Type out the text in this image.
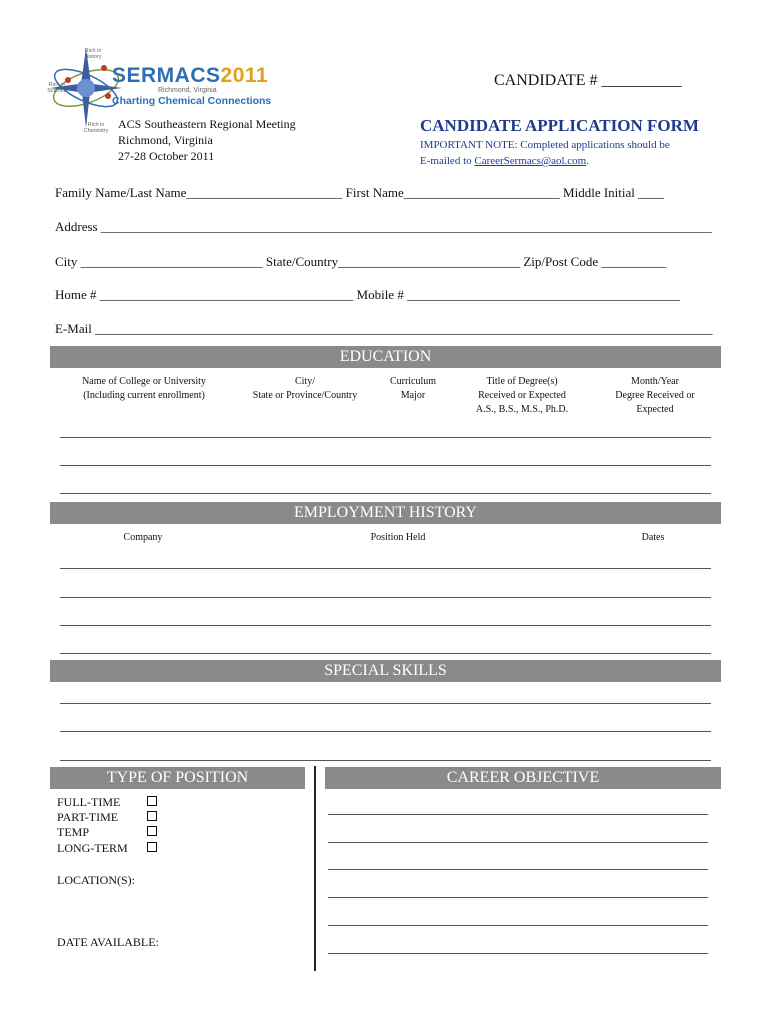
Rich in History
Rich in Science
Rich in Chemistry
SERMACS2011
Richmond, Virginia
Charting Chemical Connections
ACS Southeastern Regional Meeting
Richmond, Virginia
27-28 October 2011
CANDIDATE # __________
CANDIDATE APPLICATION FORM
IMPORTANT NOTE: Completed applications should be
E-mailed to CareerSermacs@aol.com.
Family Name/Last Name________________________ First Name________________________ Middle Initial ____
Address ______________________________________________________________________________________________
City ____________________________ State/Country____________________________ Zip/Post Code __________
Home # _______________________________________ Mobile # __________________________________________
E-Mail _______________________________________________________________________________________________
EDUCATION
Name of College or University
(Including current enrollment)
City/
State or Province/Country
Curriculum
Major
Title of Degree(s)
Received or Expected
A.S., B.S., M.S., Ph.D.
Month/Year
Degree Received or
Expected
EMPLOYMENT HISTORY
Company	Position Held	Dates
SPECIAL SKILLS
TYPE OF POSITION
FULL-TIME
PART-TIME
TEMP
LONG-TERM
LOCATION(S):
DATE AVAILABLE:
CAREER OBJECTIVE
